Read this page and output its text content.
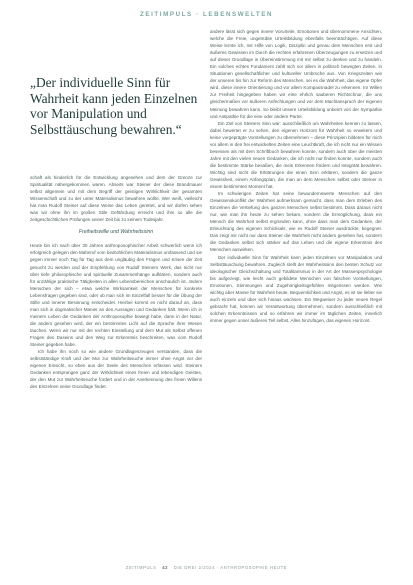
ZEITIMPULS · LEBENSWELTEN
„Der individuelle Sinn für Wahrheit kann jeden Einzelnen vor Manipulation und Selbsttäuschung bewahren.“

schaft als hinderlich für die Entwicklung angesehen und dem der Grenze zur Spiritualität nähergekommen waren. Abseits war Steiner der diese Brandmauer selbst allgemein und mit dem Begriff der geistigen Wirklichkeit der gesamten Wissenschaft und zu der unter Materialismus bewahren wollte. Wer weiß, vielleicht hat man Rudolf Steiner auf diese Weise das Leben gerettet, und wir dürfen sehen was wir ohne ihn im großen Stile Gefährdung erreicht und ihm so alle die zeitgeschichtlichen Prüfungen seiner Zeit bis zu seinem Todesjahr.

Freiheitswille und Wahrheitssinn

Heute bin ich nach über 30 Jahren anthroposophischer Arbeit schwerlich wenn ich erfolgreich gelegen den Mahnruf vom bedrohlichen Materialismus umfassend und sie gegen immer noch Tag für Tag aus dem ungläubig den Fragen und Krisen der Zeit gesucht zu werden und der Empfehlung von Rudolf Steiners Werk, das nicht nur über tiefe philosophische und spirituelle Zusammenhänge aufklären, sondern auch für unzählige praktische Tätigkeiten in allen Lebensbereichen anschaulich ist. Jedem Menschen der sich – etwa welche Wirksamkeit der Menschen für konkrete Lebensfragen gegeben sind, oder ob man sich im Einzelfall besser für die Übung der Stille und innerer Besinnung entscheidet. Hierbei kommt es nicht darauf an, dass man sich in dogmatischer Manier an den Aussagen und Gedanken hält. Wenn ich in meinem Leben die Gedanken der Anthroposophie bewegt habe, dann in der Natur, die anders gesehen wird, der ein bestimmtes Licht auf die Sprache ihrer Wesen tauchen. Wenn wir nur mit der rechten Einstellung und dem Mut als Selbst offenen Fragen des Daseins und den Weg zur Erkenntnis beschreiten, was vom Rudolf Steiner gegeben habe.

Ich habe ihn noch so wie andere Grundlagenzeugen verstanden, dass die selbstständige Kraft und der Mut zur Wahrheitssuche immer ohne Angst vor der eigenen Einsicht, so eben aus der Seele des Menschen erfassen wird. Steiners Gedanken entsprangen ganz der Wirklichkeit eines freien und lebendigen Geistes, der den Mut zur Wahrheitssuche fordert und in der Anerkennung des freien Willens des Einzelnen seine Grundlage findet.

andere lässt sich gegen innere Vorurteile, Emotionen und übernommene Ansichten, welche die Freie, ungetrübte Urteilsbildung ebenfalls beeinträchtigen. Auf diese Weise lernte ich, mit Hilfe von Logik, Disziplin und genau dem Menschen erst und äußeres Gewissen im Durch die rechten erfahrenen Überzeugungen zu ersetzen und auf dieser Grundlage in Übereinstimmung mit mir selbst zu denken und zu handeln. Ein solches echtes Fundament zahlt sich vor allem in politisch bewegten Zeiten, in Situationen gesellschaftlicher und kultureller Umbrüche aus. Von Kriegszeiten wie der unseren bis hin zur Reform des Menschen, sei es die Wahrheit, das eigene Opfer wird, diese innere Orientierung und vor allem Kompassnadel zu erkennen. Im Willen zur Freiheit hingegeben haben wir eine ehrlich sauberen Richtschnur, die uns gleichermaßen vor äußeren Anfechtungen und vor dem Machtanspruch der eigenen Meinung bewahren kann. So bleibt unsere Urteilsbildung unbeirrt von der Sympathie und Antipathie für die eine oder andere Partei.

Ein Ziel von Steiners Sinn war: ausschließlich um Wahrheiten kennen zu lassen, dabei bewertet er zu sehen, den eigenen Horizont für Wahrheit so erweitern und keine vorgeprägte Vorstellungen zu übernehmen – diese Prinzipien bildeten für mich vor allem in den frei entwickelten Zeiten eine Leuchtkraft, die ich nicht nur ein Wissen besessen als mit dem Schriftbuch bewahren konnte, sondern auch über die meisten Jahre mit den vielen neuen Gedanken, die ich nicht nur finden konnte, sondern auch die bestimmte Stärke besaßen, die mein Erkennen fördern und Integrität bewahren. Wichtig sind nicht die Erklärungen die einen Sinn erklären, sondern die ganze Gewissheit, einem Anfangsplan, die man an dem Menschen selbst oder Steiner in einem bestimmten Moment hat.

Im schwierigen Zeiten hat seine bewundernswerte Menschen auf den Gewissenskonflikt der Wahrheit aufmerksam gemacht, dass man dem Erleben des Einzelnen die Vertiefung des ganzen Menschen selbst bestimmt. Dass daraus nicht nur, wie man ihn heute zu sehen bekam, sondern die Ermöglichung, dass ein Mensch die Wahrheit selbst ergründen kann, ohne dass man dem Gedanken, der Erleuchtung des eigenen Schicksals, wie es Rudolf Steiner ausdrückte, begegnet. Das zeigt mir nicht nur dass Steiner die Wahrheit nicht anders gesehen hat, sondern die Gedanken selbst sich stärker auf das Leben und die eigene Erkenntnis des Menschen auswirken.

Der individuelle Sinn für Wahrheit kann jeden Einzelnen vor Manipulation und Selbsttäuschung bewahren. Zugleich stellt der Wahrheitssinn den besten Schutz vor ideologischer Gleichschaltung und Totalitarismus in der Art der Massenpsychologie bis aufgezeigt, wie leicht auch gebildete Menschen von falschen Vorstellungen, Emotionen, Stimmungen und Zugehörigkeitsgefühlen mitgerissen werden. Wie wichtig aber Masse für Wahrheit heute, Bequemlichkeit und Angst, es ist sie lieber sie auch einzeln und über sich hinaus wachsen. Ein Wegweiser zu jeder neuen Regel gebracht hat, können wir Verantwortung übernehmen, sondern ausschließlich mit solchen Erkenntnissen und so erfahren wir immer im täglichen Zeiten, innerlich immer gegen unser äußeres Teil selbst. Alles hinzufügen, das eigenen Horizont.

ZEITIMPULS 42 DIE DREI 2/2024 · ANTHROPOSOPHIE HEUTE
